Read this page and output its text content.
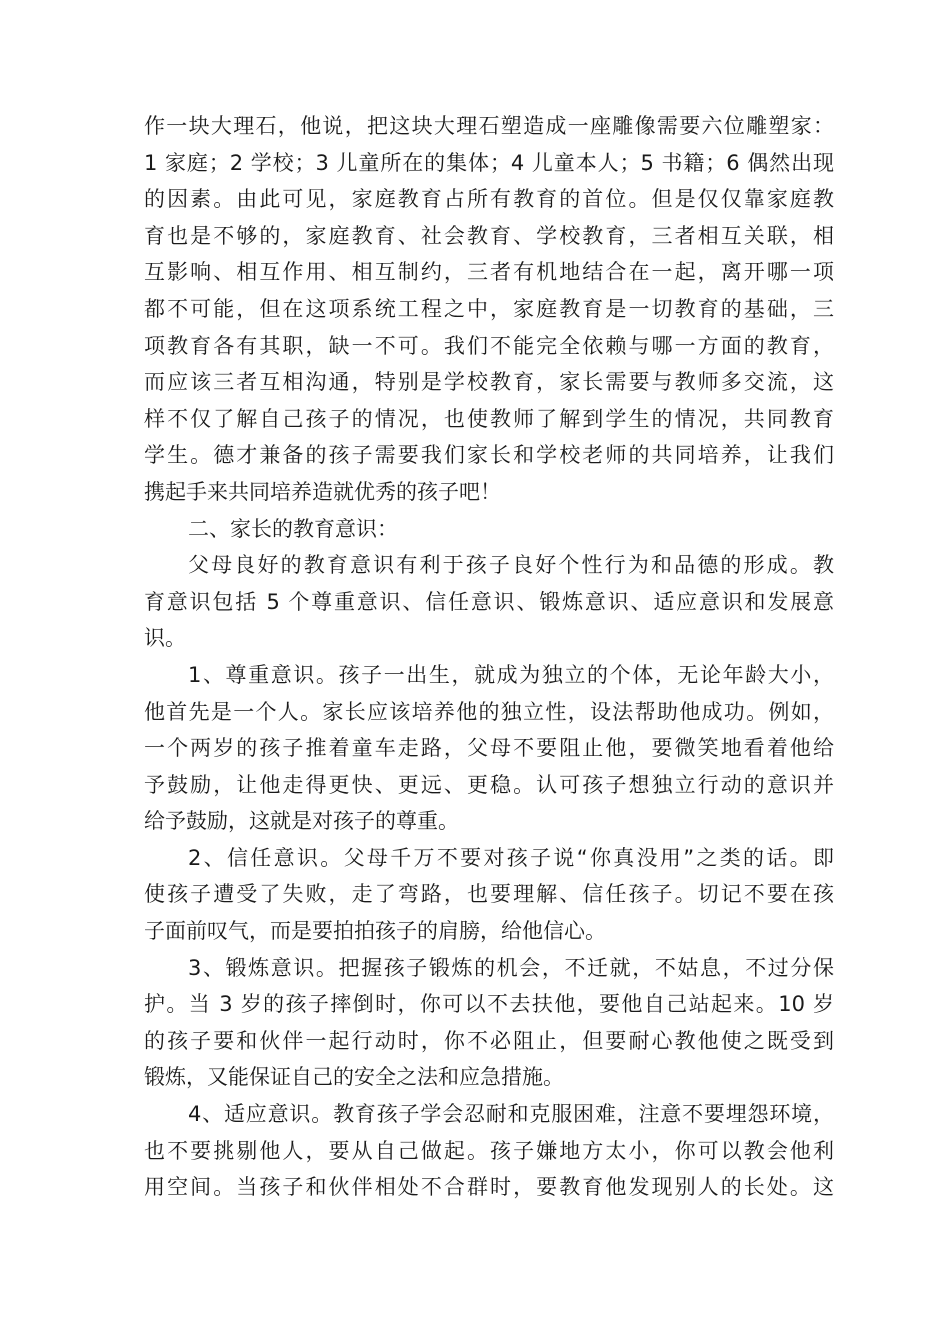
作一块大理石，他说，把这块大理石塑造成一座雕像需要六位雕塑家：
1 家庭；2 学校；3 儿童所在的集体；4 儿童本人；5 书籍；6 偶然出现
的因素。由此可见，家庭教育占所有教育的首位。但是仅仅靠家庭教
育也是不够的，家庭教育、社会教育、学校教育，三者相互关联，相
互影响、相互作用、相互制约，三者有机地结合在一起，离开哪一项
都不可能，但在这项系统工程之中，家庭教育是一切教育的基础，三
项教育各有其职，缺一不可。我们不能完全依赖与哪一方面的教育，
而应该三者互相沟通，特别是学校教育，家长需要与教师多交流，这
样不仅了解自己孩子的情况，也使教师了解到学生的情况，共同教育
学生。德才兼备的孩子需要我们家长和学校老师的共同培养，让我们
携起手来共同培养造就优秀的孩子吧！
二、家长的教育意识：
父母良好的教育意识有利于孩子良好个性行为和品德的形成。教
育意识包括 5 个尊重意识、信任意识、锻炼意识、适应意识和发展意
识。
1、尊重意识。孩子一出生，就成为独立的个体，无论年龄大小，
他首先是一个人。家长应该培养他的独立性，设法帮助他成功。例如，
一个两岁的孩子推着童车走路，父母不要阻止他，要微笑地看着他给
予鼓励，让他走得更快、更远、更稳。认可孩子想独立行动的意识并
给予鼓励，这就是对孩子的尊重。
2、信任意识。父母千万不要对孩子说“你真没用”之类的话。即
使孩子遭受了失败，走了弯路，也要理解、信任孩子。切记不要在孩
子面前叹气，而是要拍拍孩子的肩膀，给他信心。
3、锻炼意识。把握孩子锻炼的机会，不迁就，不姑息，不过分保
护。当 3 岁的孩子摔倒时，你可以不去扶他，要他自己站起来。10 岁
的孩子要和伙伴一起行动时，你不必阻止，但要耐心教他使之既受到
锻炼，又能保证自己的安全之法和应急措施。
4、适应意识。教育孩子学会忍耐和克服困难，注意不要埋怨环境，
也不要挑剔他人，要从自己做起。孩子嫌地方太小，你可以教会他利
用空间。当孩子和伙伴相处不合群时，要教育他发现别人的长处。这
